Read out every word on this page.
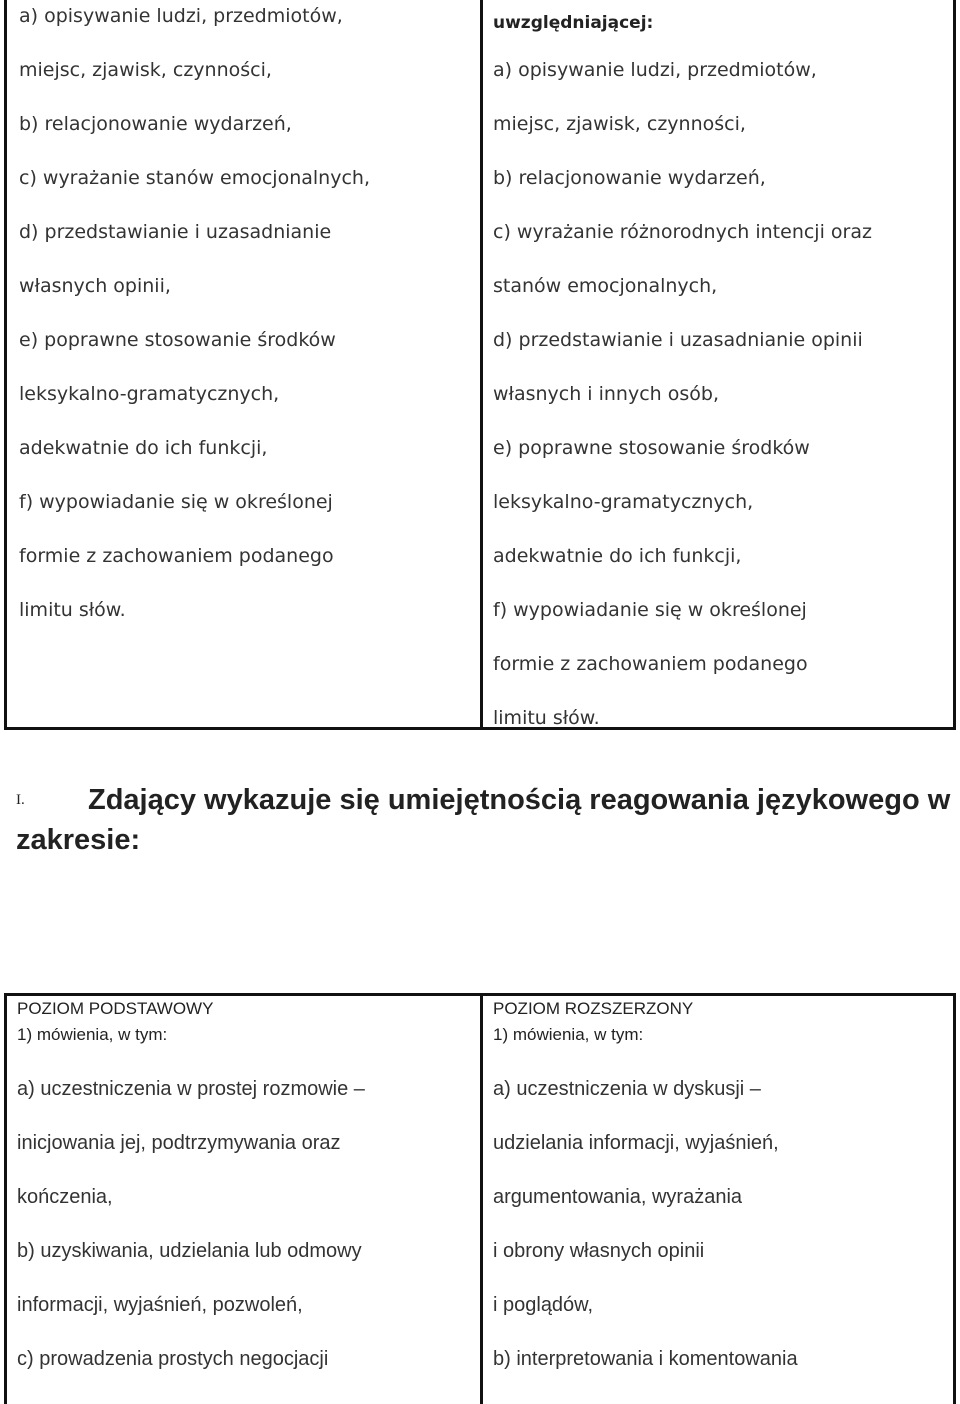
a) opisywanie ludzi, przedmiotów,
miejsc, zjawisk, czynności,
b) relacjonowanie wydarzeń,
c) wyrażanie stanów emocjonalnych,
d) przedstawianie i uzasadnianie
własnych opinii,
e) poprawne stosowanie środków
leksykalno-gramatycznych,
adekwatnie do ich funkcji,
f) wypowiadanie się w określonej
formie z zachowaniem podanego
limitu słów.
uwzględniającej:
a) opisywanie ludzi, przedmiotów,
miejsc, zjawisk, czynności,
b) relacjonowanie wydarzeń,
c) wyrażanie różnorodnych intencji oraz
stanów emocjonalnych,
d) przedstawianie i uzasadnianie opinii
własnych i innych osób,
e) poprawne stosowanie środków
leksykalno-gramatycznych,
adekwatnie do ich funkcji,
f) wypowiadanie się w określonej
formie z zachowaniem podanego
limitu słów.
I.	Zdający wykazuje się umiejętnością reagowania językowego w zakresie:
POZIOM PODSTAWOWY
1) mówienia, w tym:
a) uczestniczenia w prostej rozmowie –
inicjowania jej, podtrzymywania oraz
kończenia,
b) uzyskiwania, udzielania lub odmowy
informacji, wyjaśnień, pozwoleń,
c) prowadzenia prostych negocjacji
POZIOM ROZSZERZONY
1) mówienia, w tym:
a) uczestniczenia w dyskusji –
udzielania informacji, wyjaśnień,
argumentowania, wyrażania
i obrony własnych opinii
i poglądów,
b) interpretowania i komentowania
